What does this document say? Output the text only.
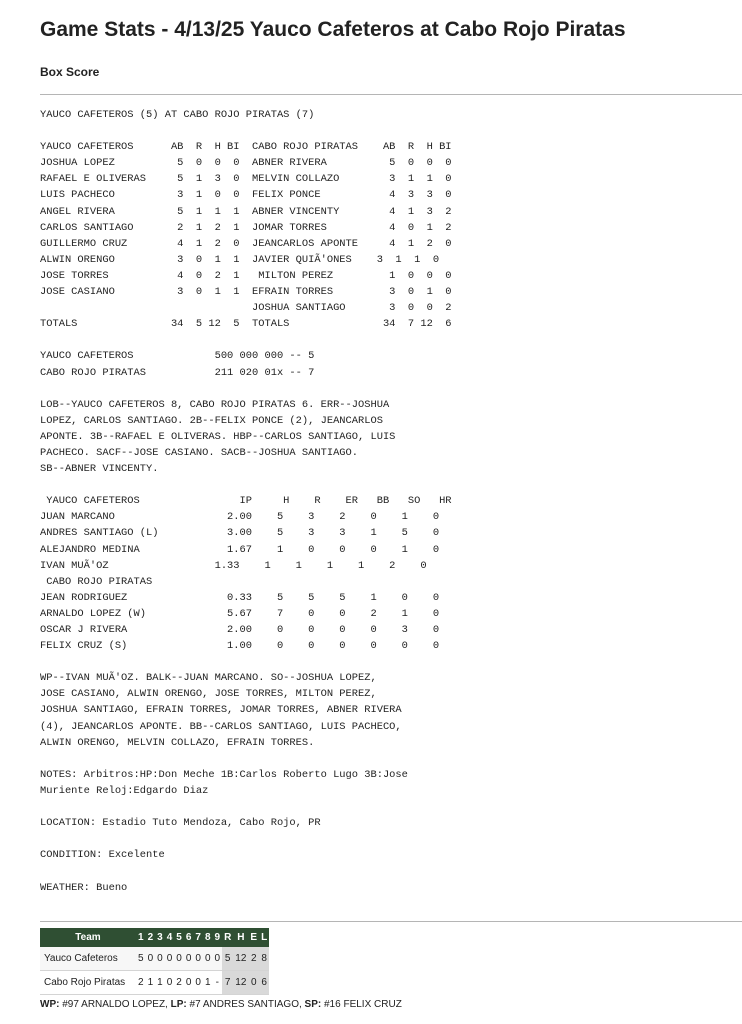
Game Stats - 4/13/25 Yauco Cafeteros at Cabo Rojo Piratas
Box Score
YAUCO CAFETEROS (5) AT CABO ROJO PIRATAS (7)

YAUCO CAFETEROS      AB  R  H BI  CABO ROJO PIRATAS    AB  R  H BI
JOSHUA LOPEZ          5  0  0  0  ABNER RIVERA          5  0  0  0
RAFAEL E OLIVERAS     5  1  3  0  MELVIN COLLAZO        3  1  1  0
LUIS PACHECO          3  1  0  0  FELIX PONCE           4  3  3  0
ANGEL RIVERA          5  1  1  1  ABNER VINCENTY        4  1  3  2
CARLOS SANTIAGO       2  1  2  1  JOMAR TORRES          4  0  1  2
GUILLERMO CRUZ        4  1  2  0  JEANCARLOS APONTE     4  1  2  0
ALWIN ORENGO          3  0  1  1  JAVIER QUIÃ'ONES    3  1  1  0
JOSE TORRES           4  0  2  1   MILTON PEREZ         1  0  0  0
JOSE CASIANO          3  0  1  1  EFRAIN TORRES         3  0  1  0
JOSHUA SANTIAGO       3  0  0  2
TOTALS               34  5 12  5  TOTALS               34  7 12  6

YAUCO CAFETEROS             500 000 000 -- 5
CABO ROJO PIRATAS           211 020 01x -- 7

LOB--YAUCO CAFETEROS 8, CABO ROJO PIRATAS 6. ERR--JOSHUA
LOPEZ, CARLOS SANTIAGO. 2B--FELIX PONCE (2), JEANCARLOS
APONTE. 3B--RAFAEL E OLIVERAS. HBP--CARLOS SANTIAGO, LUIS
PACHECO. SACF--JOSE CASIANO. SACB--JOSHUA SANTIAGO.
SB--ABNER VINCENTY.

YAUCO CAFETEROS                IP     H    R    ER   BB   SO   HR
JUAN MARCANO                  2.00    5    3    2    0    1    0
ANDRES SANTIAGO (L)           3.00    5    3    3    1    5    0
ALEJANDRO MEDINA              1.67    1    0    0    0    1    0
IVAN MUÃ'OZ                 1.33    1    1    1    1    2    0
CABO ROJO PIRATAS
JEAN RODRIGUEZ                0.33    5    5    5    1    0    0
ARNALDO LOPEZ (W)             5.67    7    0    0    2    1    0
OSCAR J RIVERA                2.00    0    0    0    0    3    0
FELIX CRUZ (S)                1.00    0    0    0    0    0    0

WP--IVAN MUÃ'OZ. BALK--JUAN MARCANO. SO--JOSHUA LOPEZ,
JOSE CASIANO, ALWIN ORENGO, JOSE TORRES, MILTON PEREZ,
JOSHUA SANTIAGO, EFRAIN TORRES, JOMAR TORRES, ABNER RIVERA
(4), JEANCARLOS APONTE. BB--CARLOS SANTIAGO, LUIS PACHECO,
ALWIN ORENGO, MELVIN COLLAZO, EFRAIN TORRES.

NOTES: Arbitros:HP:Don Meche 1B:Carlos Roberto Lugo 3B:Jose
Muriente Reloj:Edgardo Diaz

LOCATION: Estadio Tuto Mendoza, Cabo Rojo, PR

CONDITION: Excelente

WEATHER: Bueno
Team	1	2	3	4	5	6	7	8	9	R	H	E	L
Yauco Cafeteros	5	0	0	0	0	0	0	0	0	5	12	2	8
Cabo Rojo Piratas	2	1	1	0	2	0	0	1	-	7	12	0	6
WP: #97 ARNALDO LOPEZ, LP: #7 ANDRES SANTIAGO, SP: #16 FELIX CRUZ
